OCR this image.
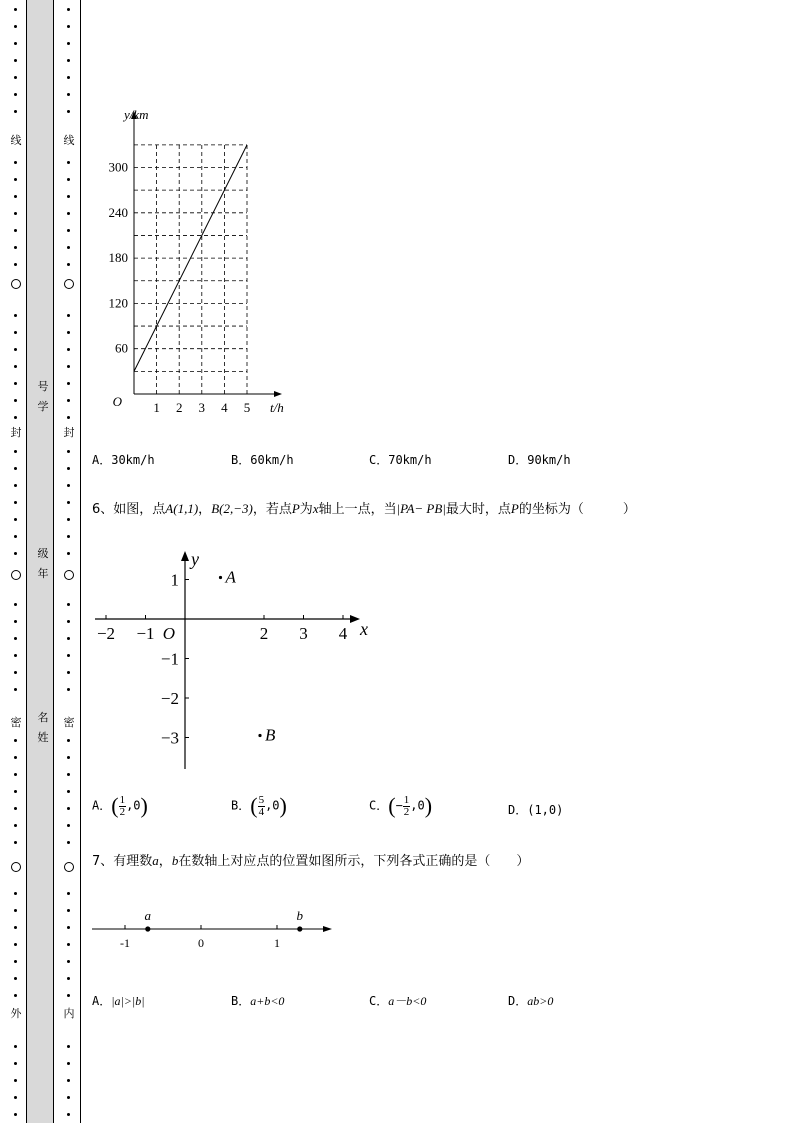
线
封
密
外
线
封
密
内
号
学
级
年
名
姓
60
120
180
240
300
1 2 3 4 5
O
y/km
t/h
A．30km/h	B．60km/h	C．70km/h	D．90km/h
6、如图，点A(1,1)，B(2,−3)，若点P为x轴上一点，当|PA− PB|最大时，点P的坐标为（　　　）
−2 −1	2 3 4
1
−1
−2
−3
O	x
y
A
B
A．( $\frac{1}{2} ,0$)	B．( $\frac{5}{4} ,0$)	C．(− $\frac{1}{2} ,0$)	D．(1,0)
7、有理数a，b在数轴上对应点的位置如图所示，下列各式正确的是（　　）
-1	0	1
a	b
A．|a|>|b|	B．a+b<0	C．a－b<0	D．ab>0
